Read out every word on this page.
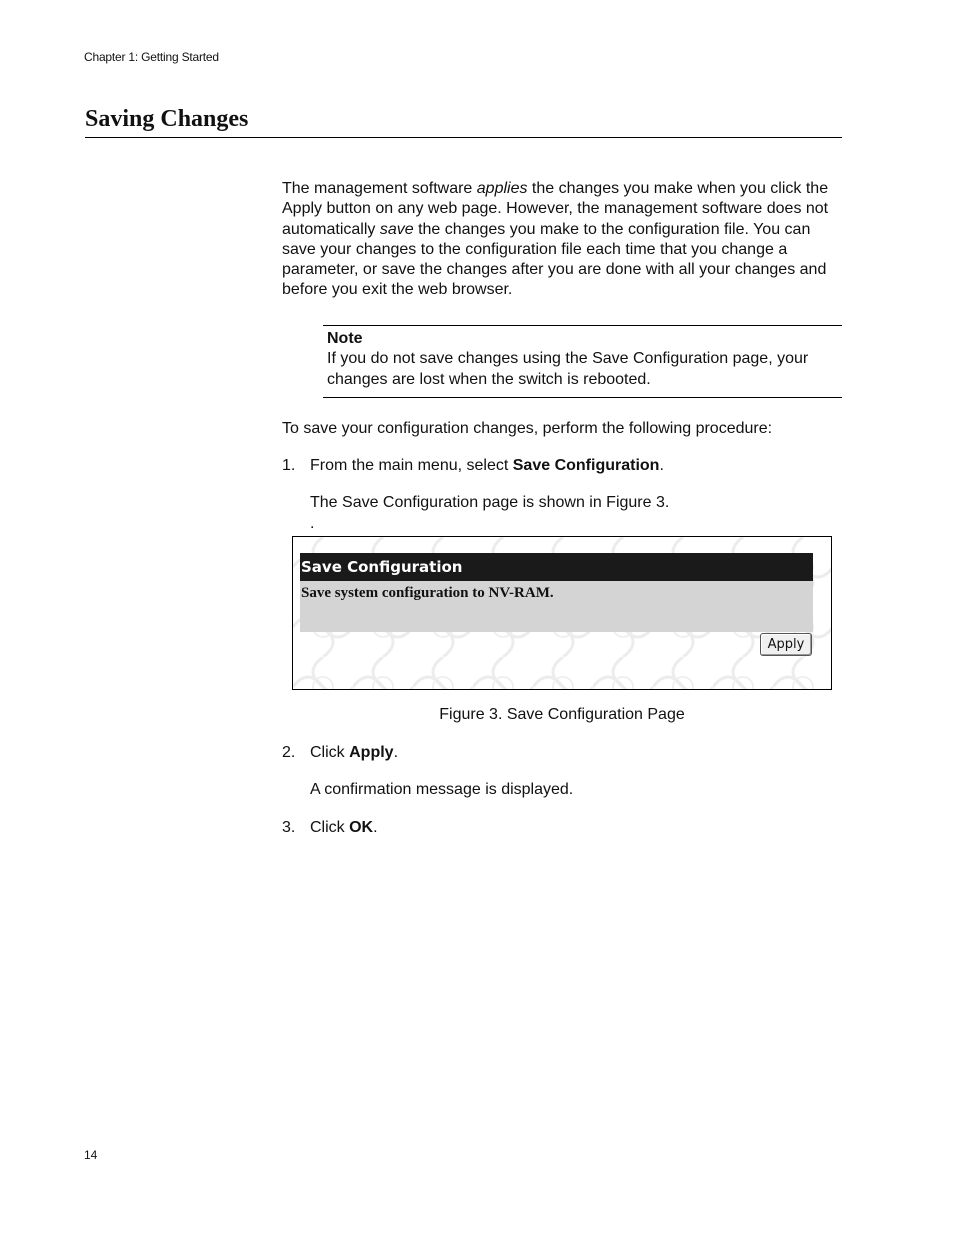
Chapter 1: Getting Started
Saving Changes
The management software applies the changes you make when you click the Apply button on any web page. However, the management software does not automatically save the changes you make to the configuration file. You can save your changes to the configuration file each time that you change a parameter, or save the changes after you are done with all your changes and before you exit the web browser.
Note
If you do not save changes using the Save Configuration page, your changes are lost when the switch is rebooted.
To save your configuration changes, perform the following procedure:
1. From the main menu, select Save Configuration.
The Save Configuration page is shown in Figure 3.
.
Save Configuration
Save system configuration to NV-RAM.
Apply
Figure 3. Save Configuration Page
2. Click Apply.
A confirmation message is displayed.
3. Click OK.
14
